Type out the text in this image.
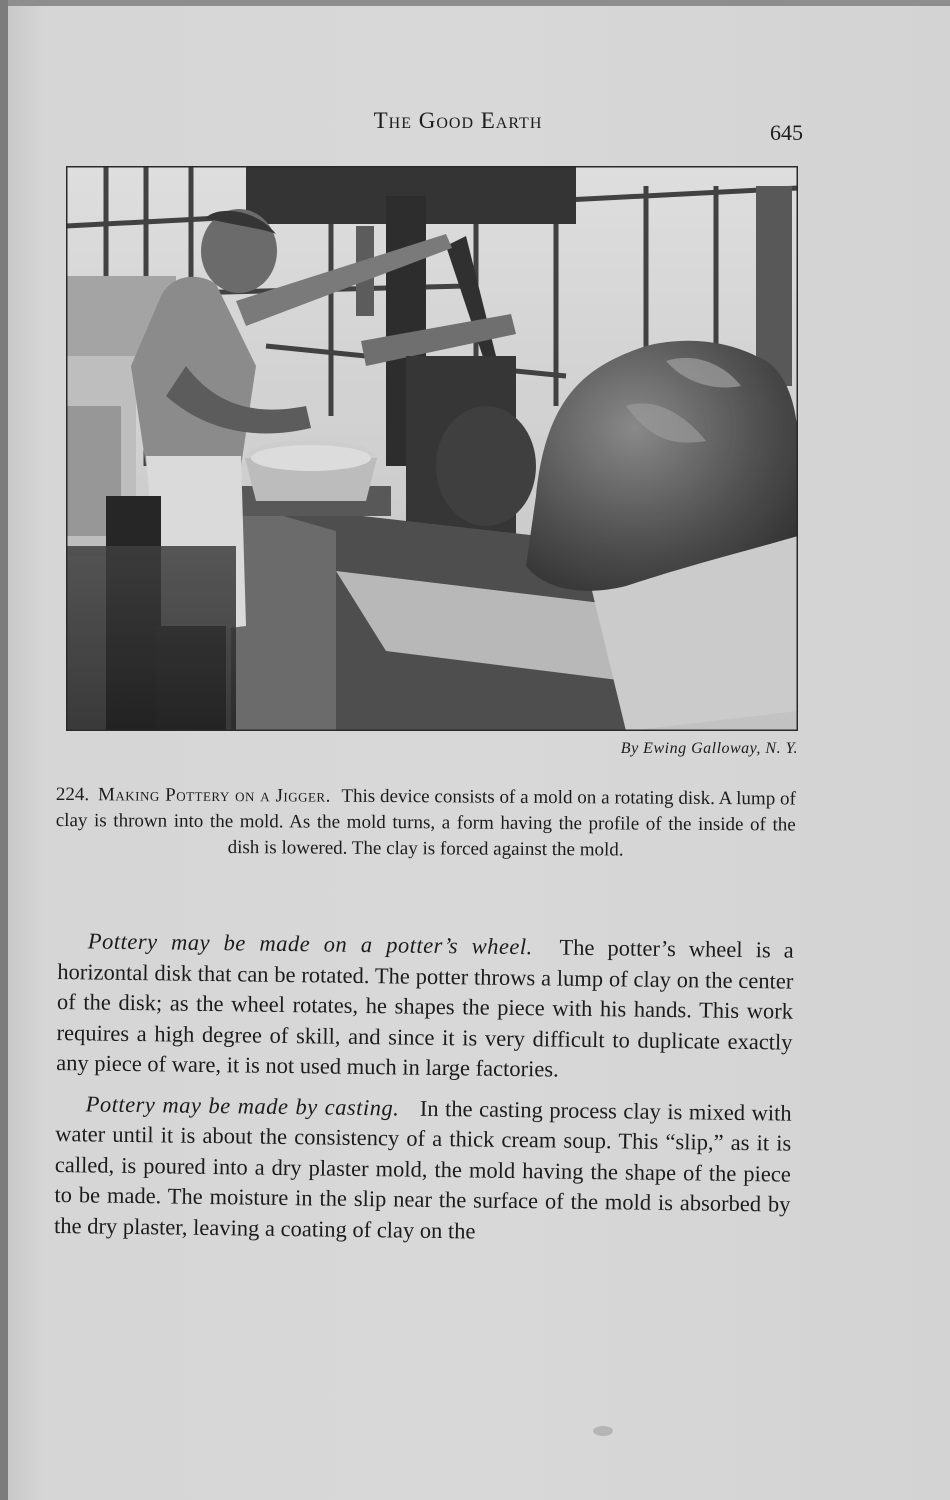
The Good Earth	645
By Ewing Galloway, N. Y.
224. Making Pottery on a Jigger. This device consists of a mold on a rotating disk. A lump of clay is thrown into the mold. As the mold turns, a form having the profile of the inside of the dish is lowered. The clay is forced against the mold.

Pottery may be made on a potter’s wheel. The potter’s wheel is a horizontal disk that can be rotated. The potter throws a lump of clay on the center of the disk; as the wheel rotates, he shapes the piece with his hands. This work requires a high degree of skill, and since it is very difficult to duplicate exactly any piece of ware, it is not used much in large factories.

Pottery may be made by casting. In the casting process clay is mixed with water until it is about the consistency of a thick cream soup. This “slip,” as it is called, is poured into a dry plaster mold, the mold having the shape of the piece to be made. The moisture in the slip near the surface of the mold is absorbed by the dry plaster, leaving a coating of clay on the
